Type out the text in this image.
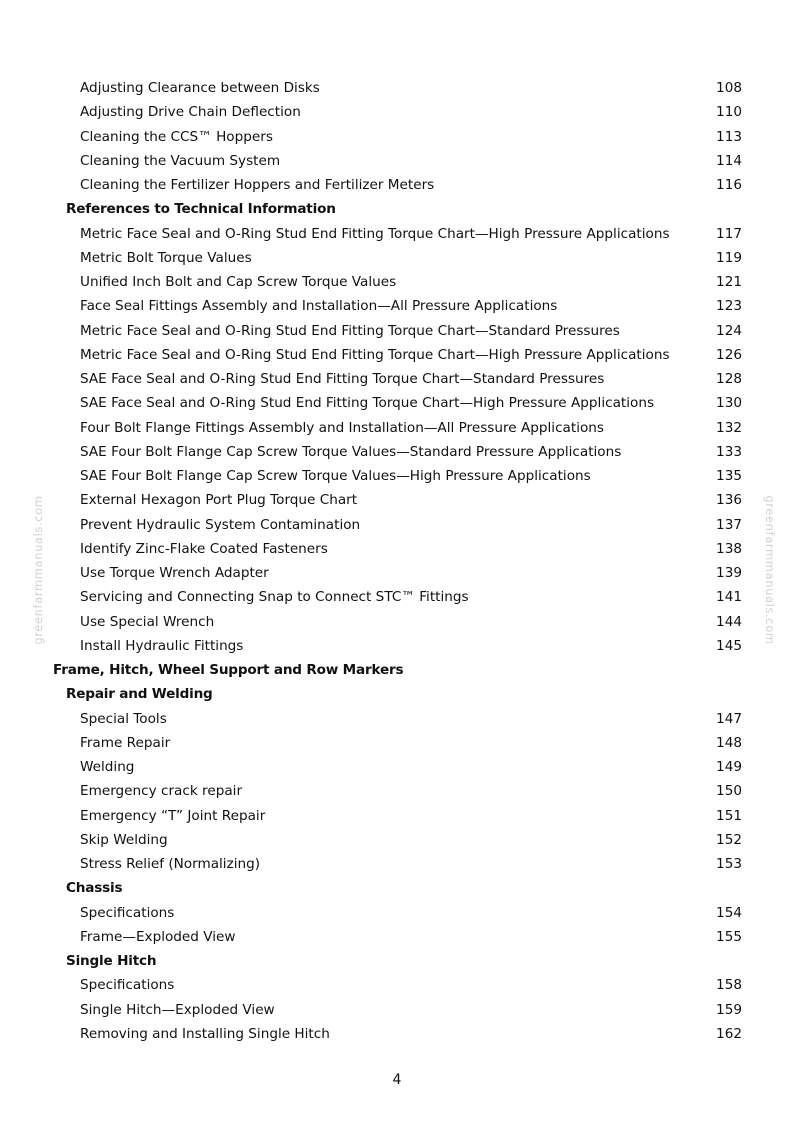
Adjusting Clearance between Disks	108
Adjusting Drive Chain Deflection	110
Cleaning the CCS™ Hoppers	113
Cleaning the Vacuum System	114
Cleaning the Fertilizer Hoppers and Fertilizer Meters	116
References to Technical Information
Metric Face Seal and O-Ring Stud End Fitting Torque Chart—High Pressure Applications	117
Metric Bolt Torque Values	119
Unified Inch Bolt and Cap Screw Torque Values	121
Face Seal Fittings Assembly and Installation—All Pressure Applications	123
Metric Face Seal and O-Ring Stud End Fitting Torque Chart—Standard Pressures	124
Metric Face Seal and O-Ring Stud End Fitting Torque Chart—High Pressure Applications	126
SAE Face Seal and O-Ring Stud End Fitting Torque Chart—Standard Pressures	128
SAE Face Seal and O-Ring Stud End Fitting Torque Chart—High Pressure Applications	130
Four Bolt Flange Fittings Assembly and Installation—All Pressure Applications	132
SAE Four Bolt Flange Cap Screw Torque Values—Standard Pressure Applications	133
SAE Four Bolt Flange Cap Screw Torque Values—High Pressure Applications	135
External Hexagon Port Plug Torque Chart	136
Prevent Hydraulic System Contamination	137
Identify Zinc-Flake Coated Fasteners	138
Use Torque Wrench Adapter	139
Servicing and Connecting Snap to Connect STC™ Fittings	141
Use Special Wrench	144
Install Hydraulic Fittings	145
Frame, Hitch, Wheel Support and Row Markers
Repair and Welding
Special Tools	147
Frame Repair	148
Welding	149
Emergency crack repair	150
Emergency “T” Joint Repair	151
Skip Welding	152
Stress Relief (Normalizing)	153
Chassis
Specifications	154
Frame—Exploded View	155
Single Hitch
Specifications	158
Single Hitch—Exploded View	159
Removing and Installing Single Hitch	162
greenfarmmanuals.com	greenfarmmanuals.com
4
